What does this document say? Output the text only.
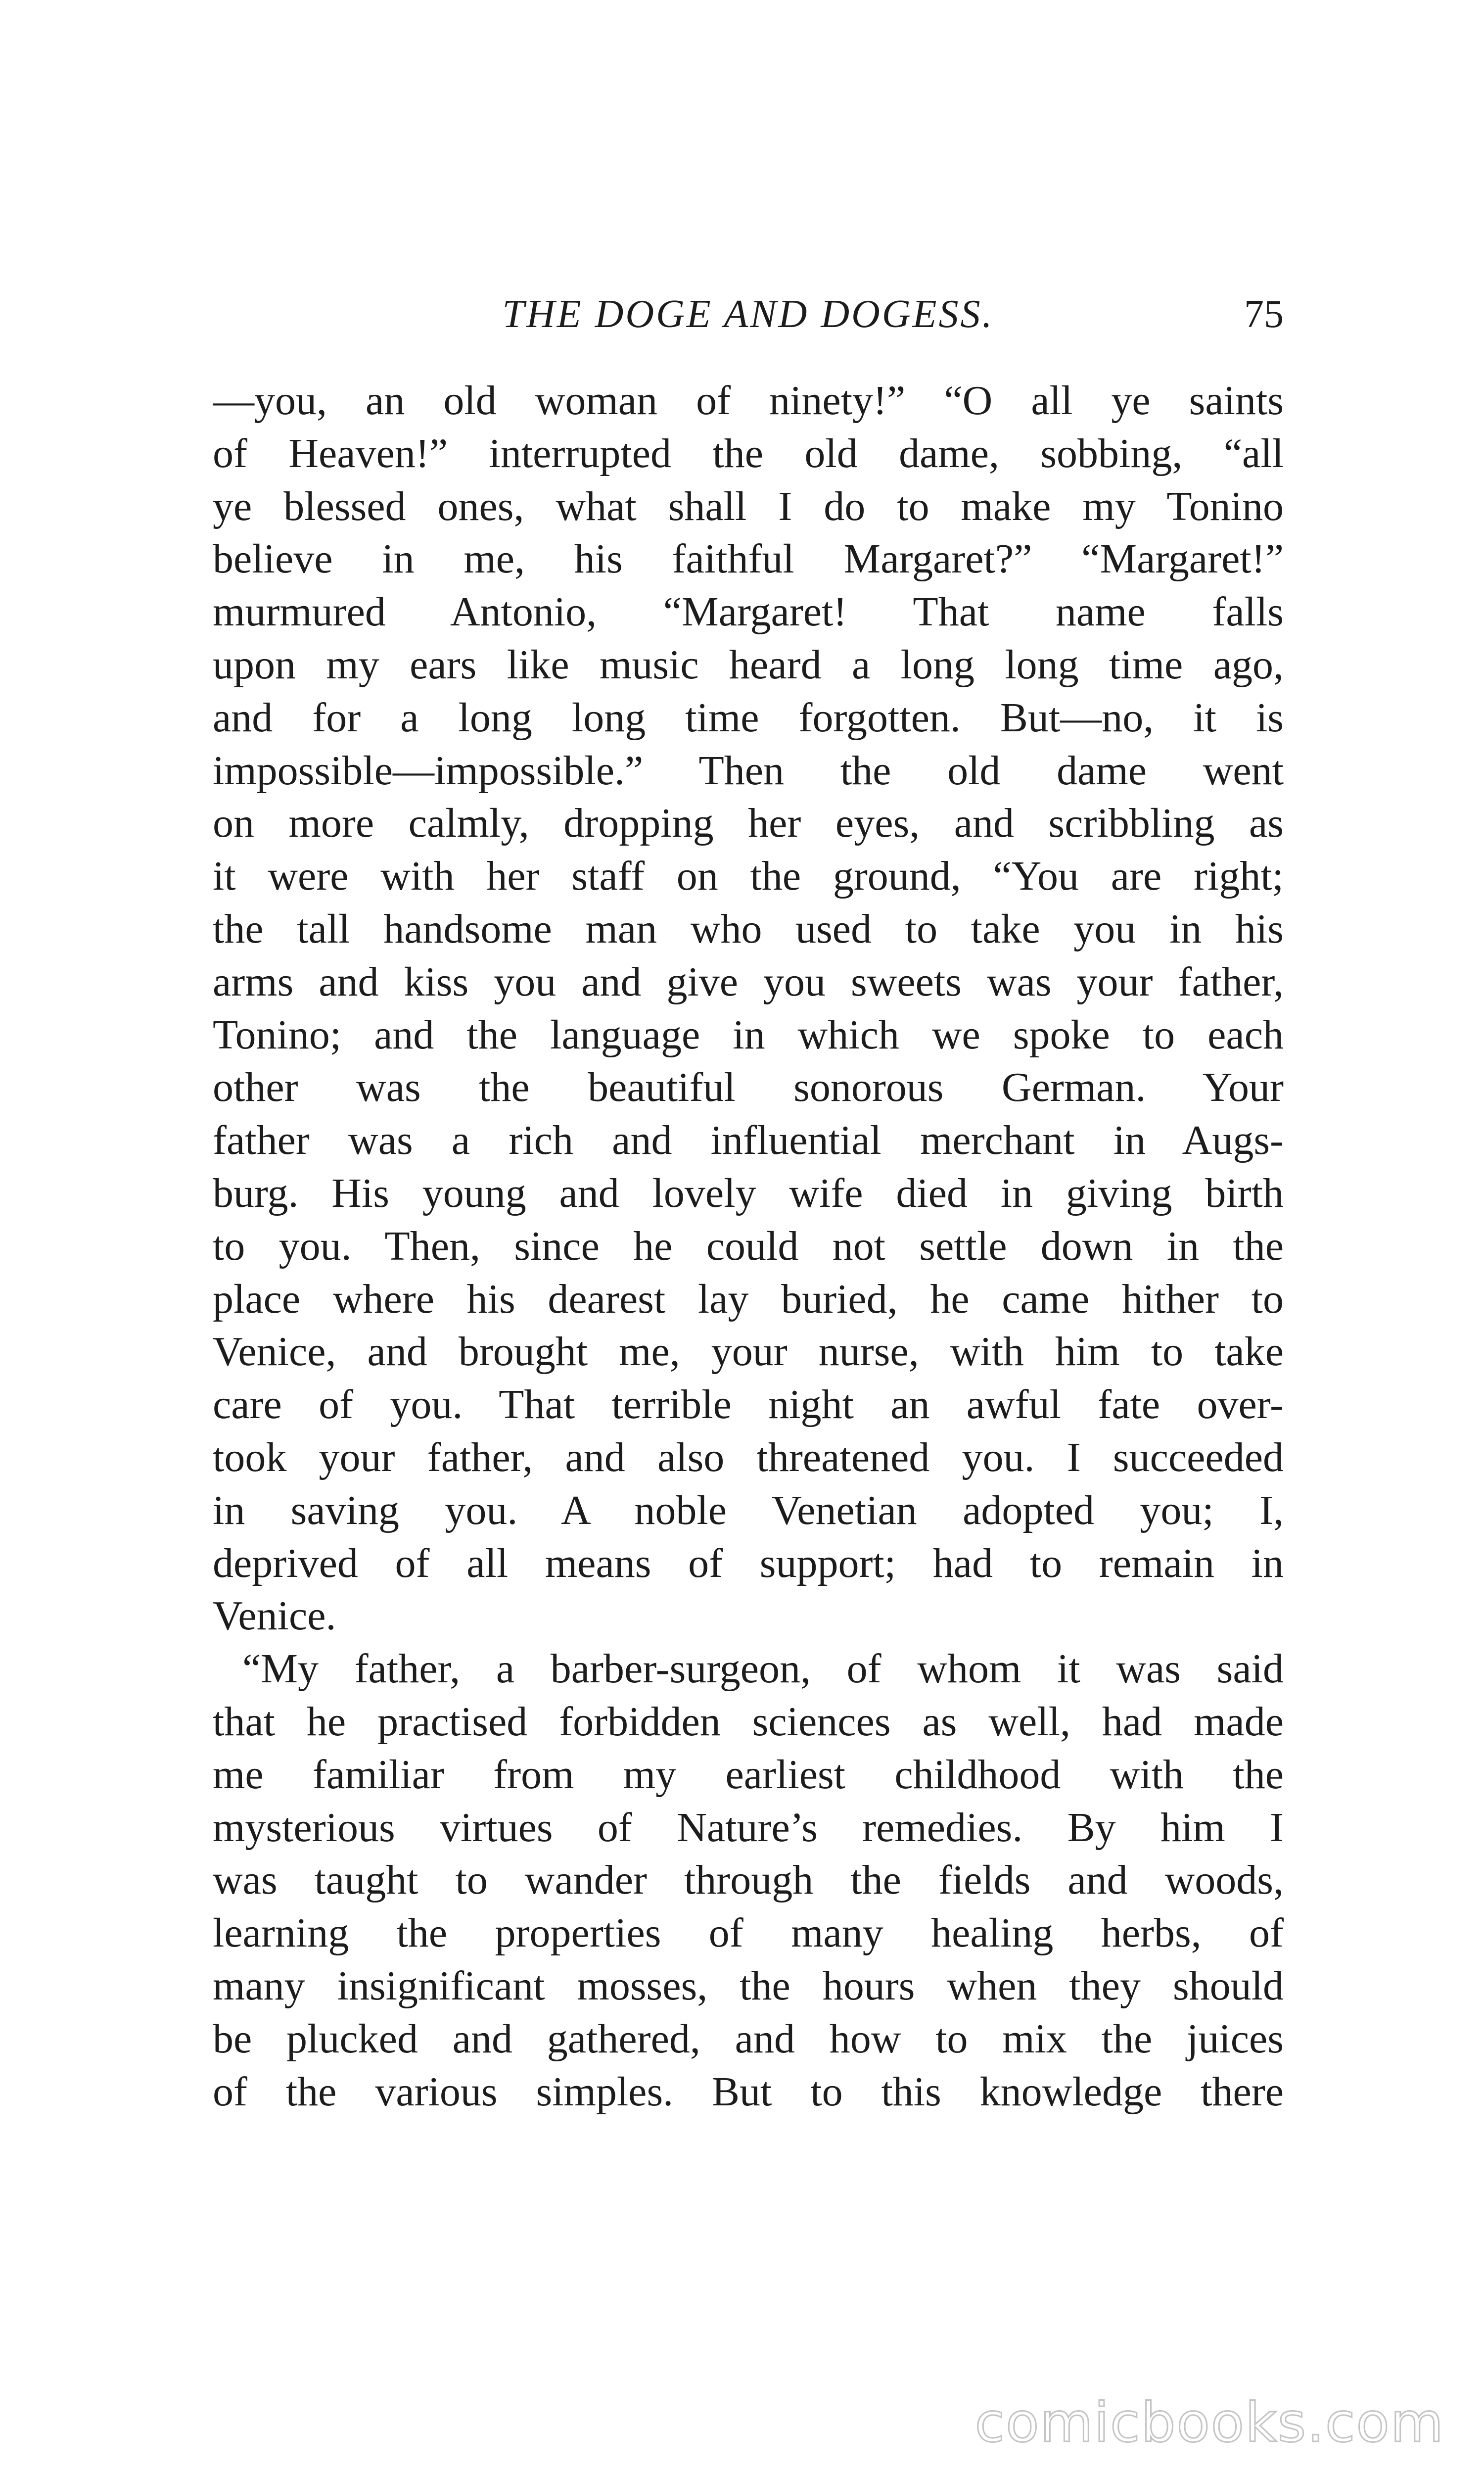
THE DOGE AND DOGESS.	75
—you, an old woman of ninety!” “O all ye saints
of Heaven!” interrupted the old dame, sobbing, “all
ye blessed ones, what shall I do to make my Tonino
believe in me, his faithful Margaret?” “Margaret!”
murmured Antonio, “Margaret! That name falls
upon my ears like music heard a long long time ago,
and for a long long time forgotten. But—no, it is
impossible—impossible.” Then the old dame went
on more calmly, dropping her eyes, and scribbling as
it were with her staff on the ground, “You are right;
the tall handsome man who used to take you in his
arms and kiss you and give you sweets was your father,
Tonino; and the language in which we spoke to each
other was the beautiful sonorous German. Your
father was a rich and influential merchant in Augs-
burg. His young and lovely wife died in giving birth
to you. Then, since he could not settle down in the
place where his dearest lay buried, he came hither to
Venice, and brought me, your nurse, with him to take
care of you. That terrible night an awful fate over-
took your father, and also threatened you. I succeeded
in saving you. A noble Venetian adopted you; I,
deprived of all means of support; had to remain in
Venice.
“My father, a barber-surgeon, of whom it was said
that he practised forbidden sciences as well, had made
me familiar from my earliest childhood with the
mysterious virtues of Nature’s remedies. By him I
was taught to wander through the fields and woods,
learning the properties of many healing herbs, of
many insignificant mosses, the hours when they should
be plucked and gathered, and how to mix the juices
of the various simples. But to this knowledge there
comicbooks.com
